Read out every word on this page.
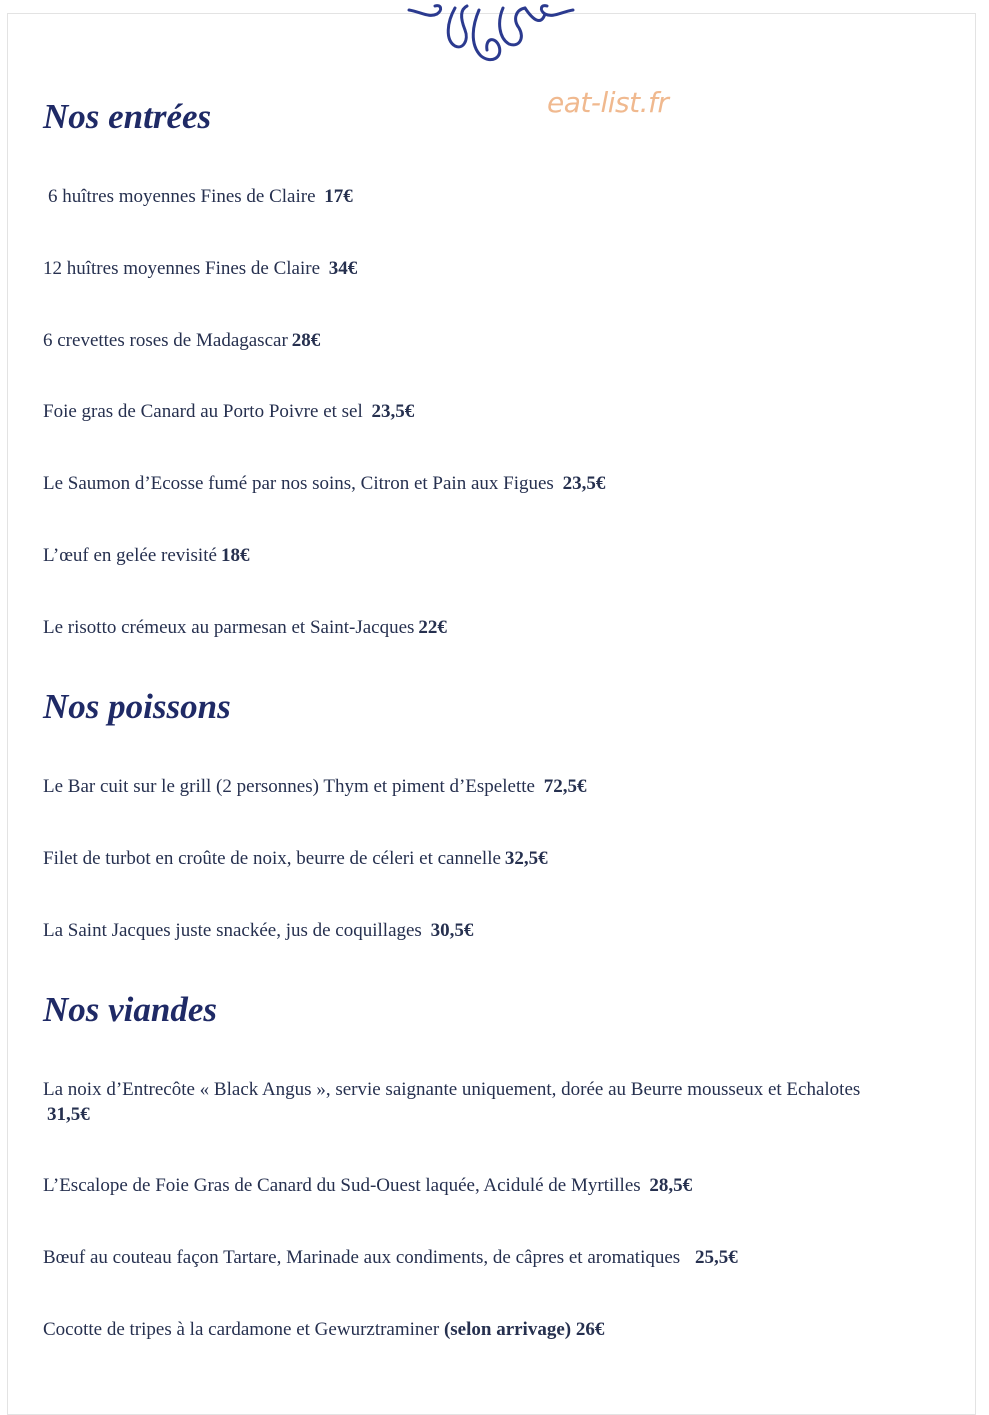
eat-list.fr
Nos entrées
6 huîtres moyennes Fines de Claire 17€
12 huîtres moyennes Fines de Claire 34€
6 crevettes roses de Madagascar 28€
Foie gras de Canard au Porto Poivre et sel 23,5€
Le Saumon d’Ecosse fumé par nos soins, Citron et Pain aux Figues 23,5€
L’œuf en gelée revisité 18€
Le risotto crémeux au parmesan et Saint-Jacques 22€
Nos poissons
Le Bar cuit sur le grill (2 personnes) Thym et piment d’Espelette 72,5€
Filet de turbot en croûte de noix, beurre de céleri et cannelle 32,5€
La Saint Jacques juste snackée, jus de coquillages 30,5€
Nos viandes
La noix d’Entrecôte « Black Angus », servie saignante uniquement, dorée au Beurre mousseux et Echalotes 31,5€
L’Escalope de Foie Gras de Canard du Sud-Ouest laquée, Acidulé de Myrtilles 28,5€
Bœuf au couteau façon Tartare, Marinade aux condiments, de câpres et aromatiques 25,5€
Cocotte de tripes à la cardamone et Gewurztraminer (selon arrivage) 26€
